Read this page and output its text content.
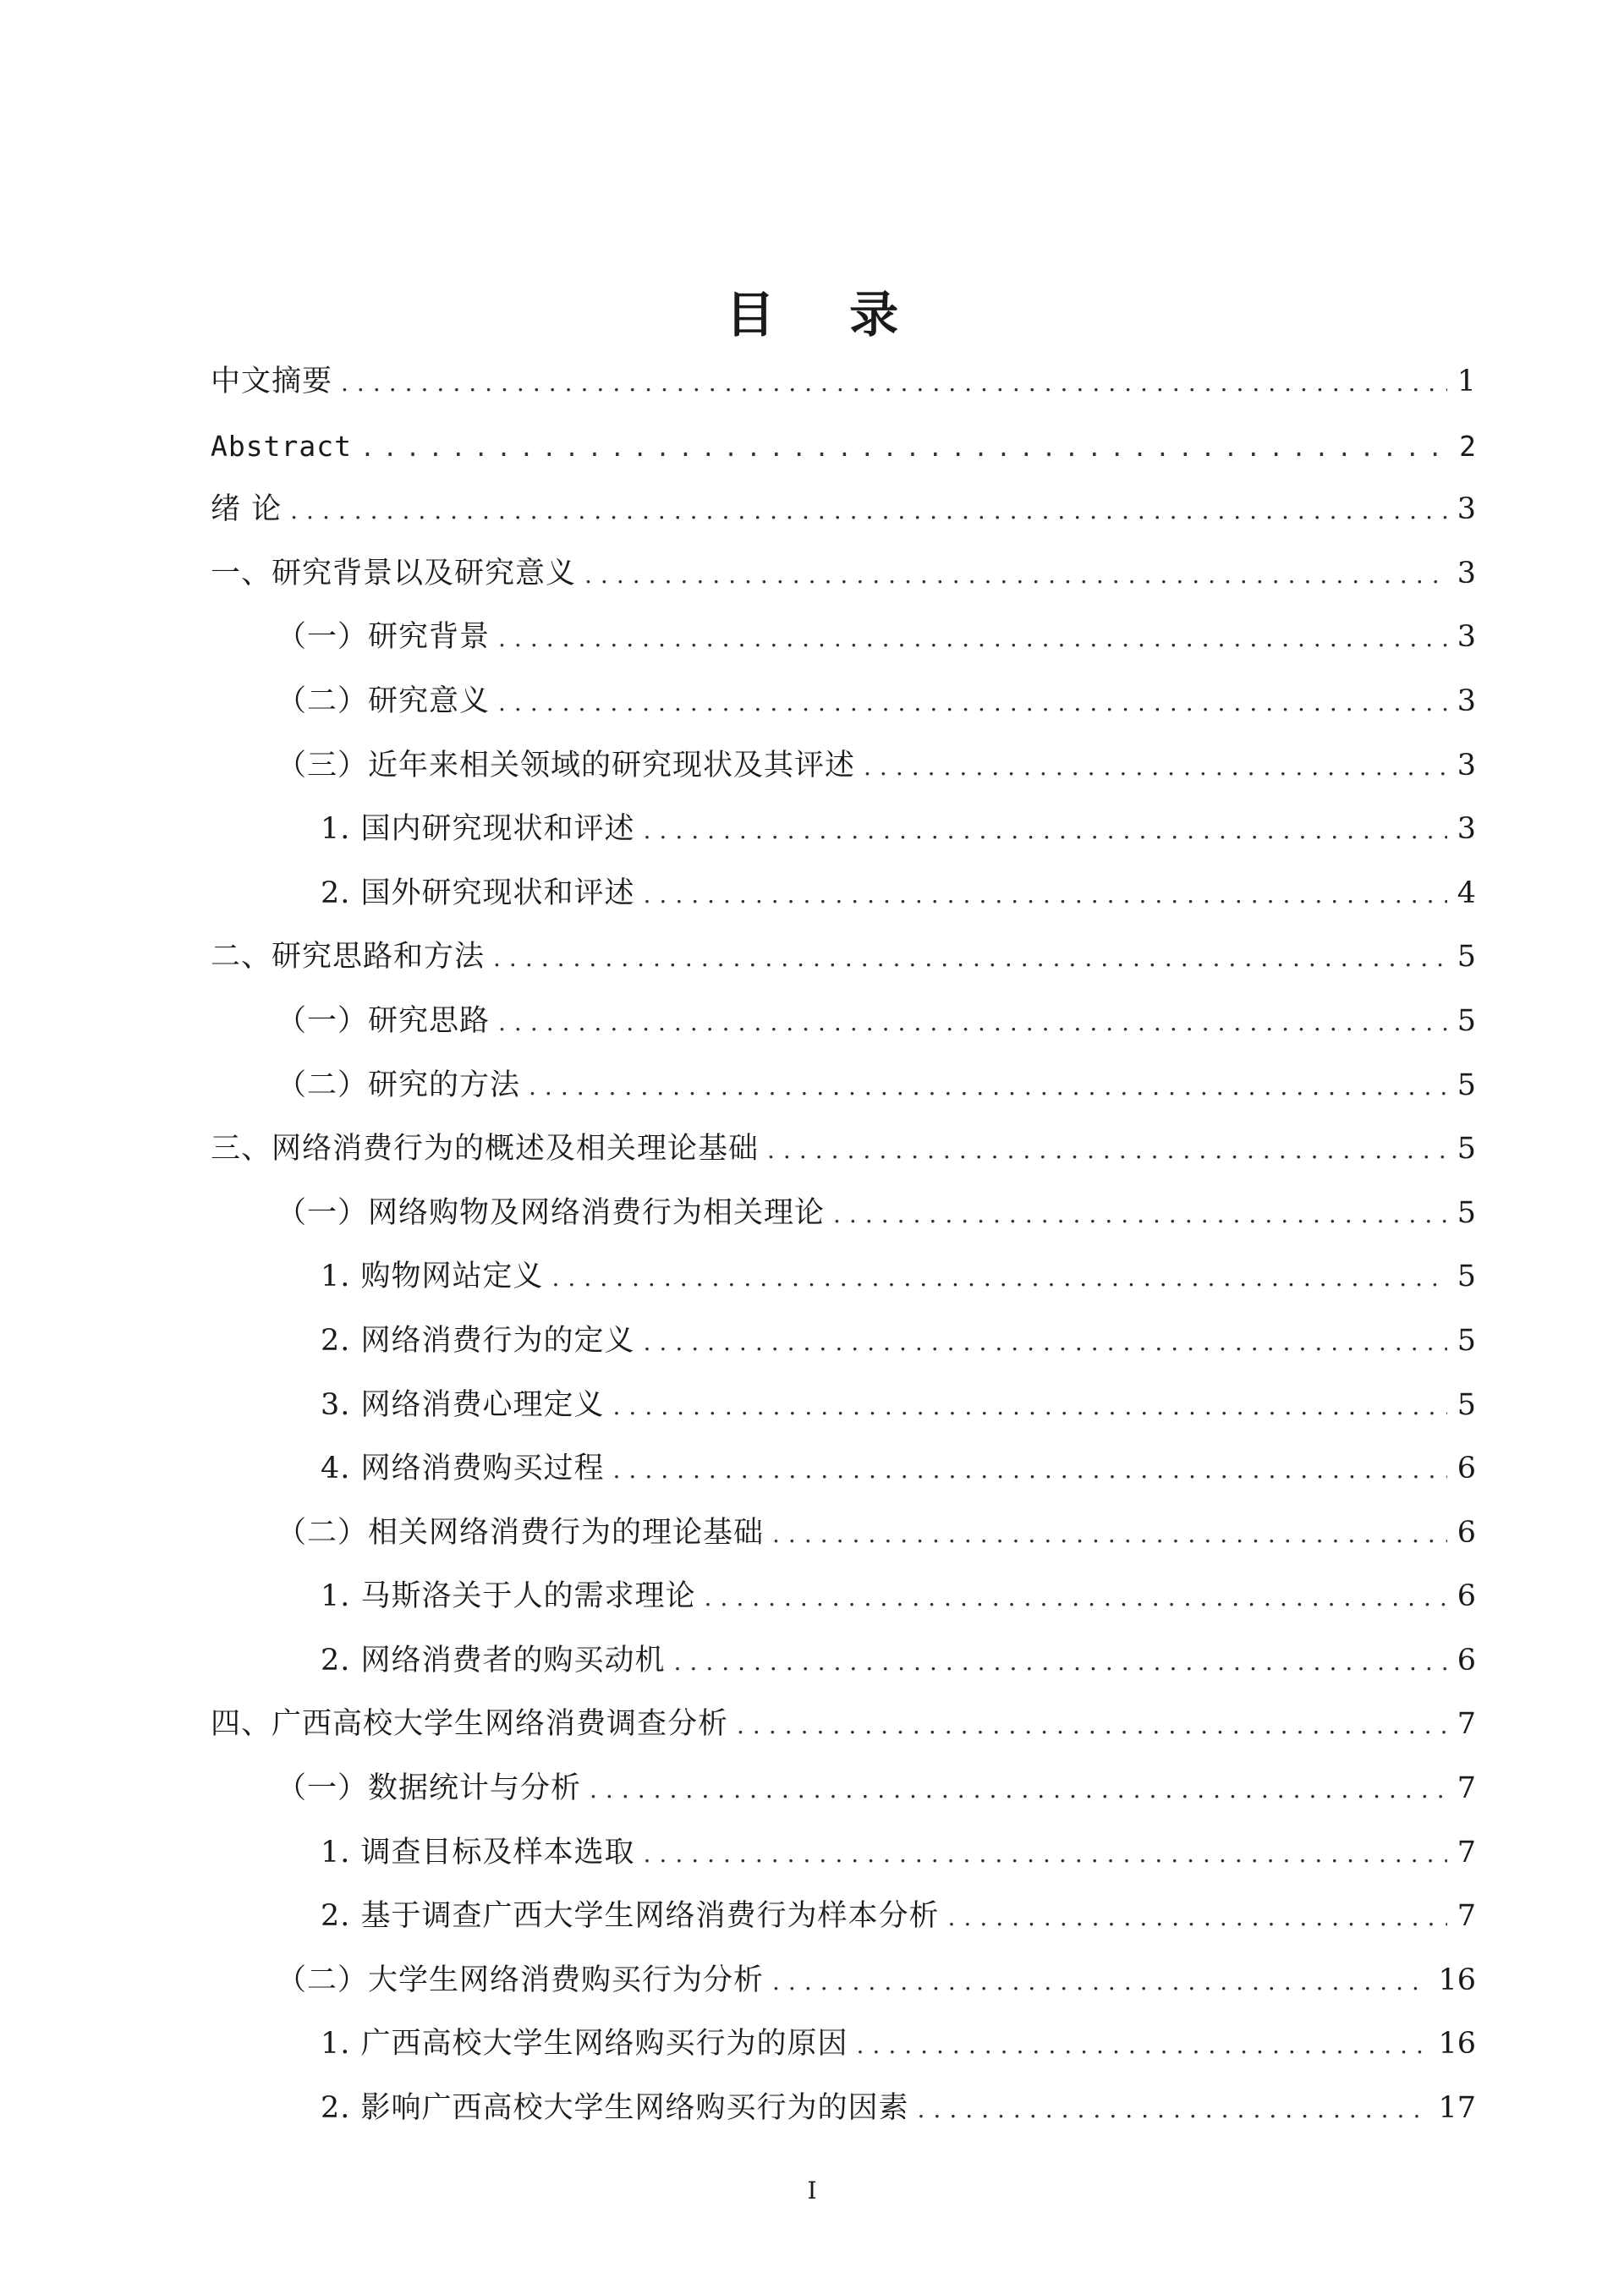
目 录
中文摘要 .....	1
Abstract .....	2
绪 论 .....	3
一、研究背景以及研究意义 .....	3
（一）研究背景 .....	3
（二）研究意义 .....	3
（三）近年来相关领域的研究现状及其评述 .....	3
1. 国内研究现状和评述 .....	3
2. 国外研究现状和评述 .....	4
二、研究思路和方法 .....	5
（一）研究思路 .....	5
（二）研究的方法 .....	5
三、网络消费行为的概述及相关理论基础 .....	5
（一）网络购物及网络消费行为相关理论 .....	5
1. 购物网站定义 .....	5
2. 网络消费行为的定义 .....	5
3. 网络消费心理定义 .....	5
4. 网络消费购买过程 .....	6
（二）相关网络消费行为的理论基础 .....	6
1. 马斯洛关于人的需求理论 .....	6
2. 网络消费者的购买动机 .....	6
四、广西高校大学生网络消费调查分析 .....	7
（一）数据统计与分析 .....	7
1. 调查目标及样本选取 .....	7
2. 基于调查广西大学生网络消费行为样本分析 .....	7
（二）大学生网络消费购买行为分析 .....	16
1. 广西高校大学生网络购买行为的原因 .....	16
2. 影响广西高校大学生网络购买行为的因素 .....	17
I
